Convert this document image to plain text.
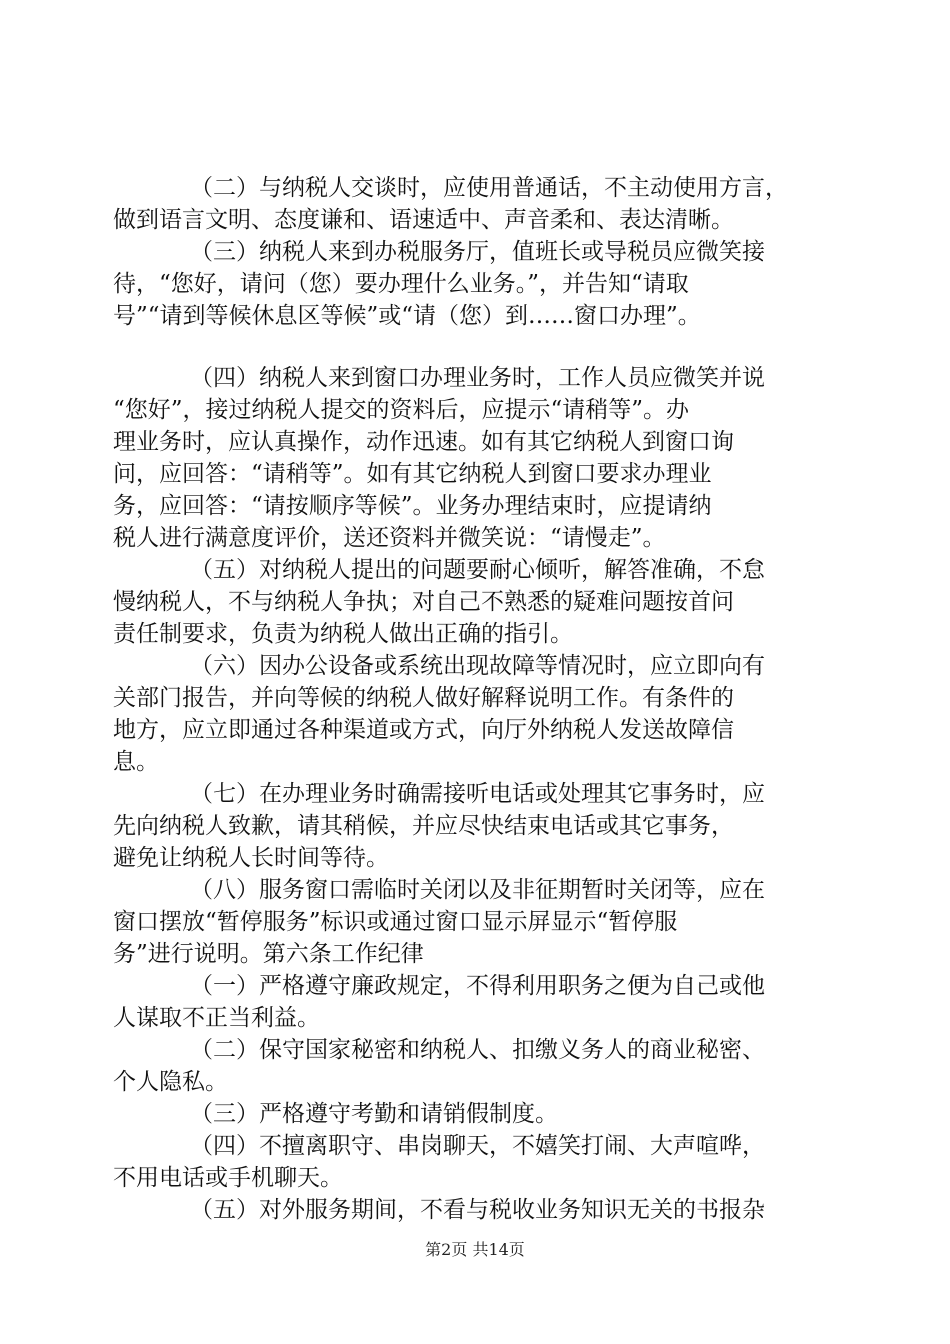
（二）与纳税人交谈时，应使用普通话，不主动使用方言，
做到语言文明、态度谦和、语速适中、声音柔和、表达清晰。
（三）纳税人来到办税服务厅，值班长或导税员应微笑接
待，“您好，请问（您）要办理什么业务。”，并告知“请取
号”“请到等候休息区等候”或“请（您）到……窗口办理”。
（四）纳税人来到窗口办理业务时，工作人员应微笑并说
“您好”，接过纳税人提交的资料后，应提示“请稍等”。办
理业务时，应认真操作，动作迅速。如有其它纳税人到窗口询
问，应回答：“请稍等”。如有其它纳税人到窗口要求办理业
务，应回答：“请按顺序等候”。业务办理结束时，应提请纳
税人进行满意度评价，送还资料并微笑说：“请慢走”。
（五）对纳税人提出的问题要耐心倾听，解答准确，不怠
慢纳税人，不与纳税人争执；对自己不熟悉的疑难问题按首问
责任制要求，负责为纳税人做出正确的指引。
（六）因办公设备或系统出现故障等情况时，应立即向有
关部门报告，并向等候的纳税人做好解释说明工作。有条件的
地方，应立即通过各种渠道或方式，向厅外纳税人发送故障信
息。
（七）在办理业务时确需接听电话或处理其它事务时，应
先向纳税人致歉，请其稍候，并应尽快结束电话或其它事务，
避免让纳税人长时间等待。
（八）服务窗口需临时关闭以及非征期暂时关闭等，应在
窗口摆放“暂停服务”标识或通过窗口显示屏显示“暂停服
务”进行说明。第六条工作纪律
（一）严格遵守廉政规定，不得利用职务之便为自己或他
人谋取不正当利益。
（二）保守国家秘密和纳税人、扣缴义务人的商业秘密、
个人隐私。
（三）严格遵守考勤和请销假制度。
（四）不擅离职守、串岗聊天，不嬉笑打闹、大声喧哗，
不用电话或手机聊天。
（五）对外服务期间，不看与税收业务知识无关的书报杂
第2页 共14页
